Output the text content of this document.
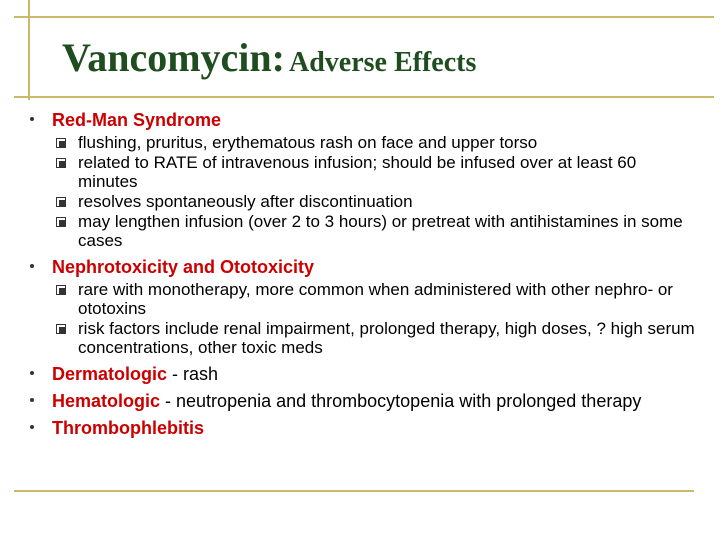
Vancomycin: Adverse Effects
Red-Man Syndrome
flushing, pruritus, erythematous rash on face and upper torso
related to RATE of intravenous infusion; should be infused over at least 60 minutes
resolves spontaneously after discontinuation
may lengthen infusion (over 2 to 3 hours) or pretreat with antihistamines in some cases
Nephrotoxicity and Ototoxicity
rare with monotherapy, more common when administered with other nephro- or ototoxins
risk factors include renal impairment, prolonged therapy, high doses, ? high serum concentrations, other toxic meds
Dermatologic - rash
Hematologic - neutropenia and thrombocytopenia with prolonged therapy
Thrombophlebitis
